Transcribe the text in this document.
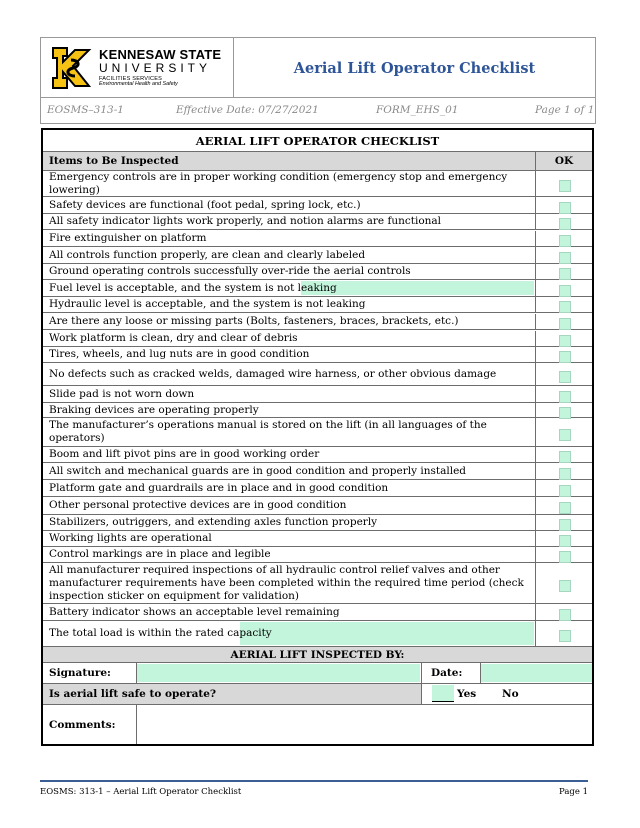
KENNESAW STATE
UNIVERSITY
FACILITIES SERVICES
Environmental Health and Safety
Aerial Lift Operator Checklist
EOSMS–313-1	Effective Date: 07/27/2021	FORM_EHS_01	Page 1 of 1
AERIAL LIFT OPERATOR CHECKLIST
Items to Be Inspected	OK
Emergency controls are in proper working condition (emergency stop and emergency lowering)
Safety devices are functional (foot pedal, spring lock, etc.)
All safety indicator lights work properly, and notion alarms are functional
Fire extinguisher on platform
All controls function properly, are clean and clearly labeled
Ground operating controls successfully over-ride the aerial controls
Fuel level is acceptable, and the system is not leaking
Hydraulic level is acceptable, and the system is not leaking
Are there any loose or missing parts (Bolts, fasteners, braces, brackets, etc.)
Work platform is clean, dry and clear of debris
Tires, wheels, and lug nuts are in good condition
No defects such as cracked welds, damaged wire harness, or other obvious damage
Slide pad is not worn down
Braking devices are operating properly
The manufacturer’s operations manual is stored on the lift (in all languages of the operators)
Boom and lift pivot pins are in good working order
All switch and mechanical guards are in good condition and properly installed
Platform gate and guardrails are in place and in good condition
Other personal protective devices are in good condition
Stabilizers, outriggers, and extending axles function properly
Working lights are operational
Control markings are in place and legible
All manufacturer required inspections of all hydraulic control relief valves and other manufacturer requirements have been completed within the required time period (check inspection sticker on equipment for validation)
Battery indicator shows an acceptable level remaining
The total load is within the rated capacity
AERIAL LIFT INSPECTED BY:
Signature:	Date:
Is aerial lift safe to operate?	Yes No
Comments:
EOSMS: 313-1 – Aerial Lift Operator Checklist	Page 1
